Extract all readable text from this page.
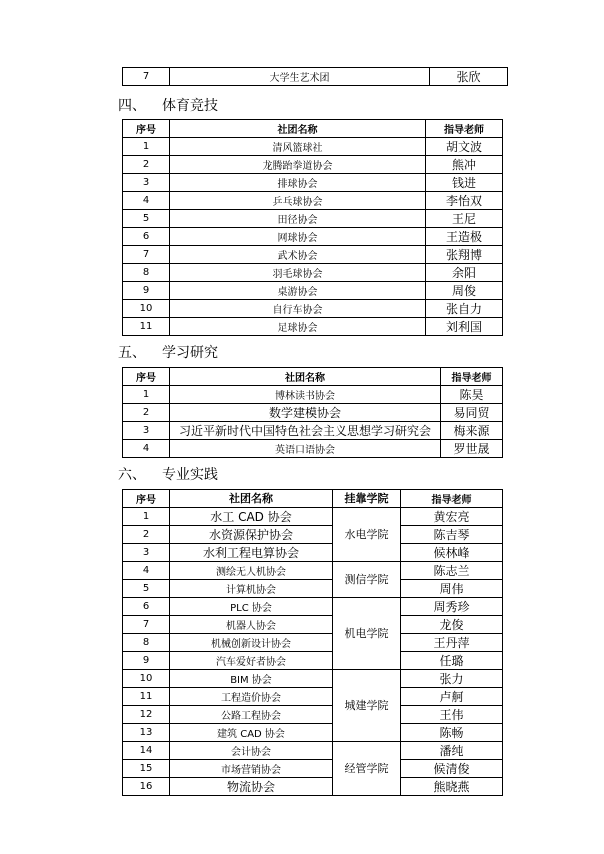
7	大学生艺术团	张欣
四、 体育竞技
序号	社团名称	指导老师
1	清风篮球社	胡文波
2	龙腾跆拳道协会	熊冲
3	排球协会	钱进
4	乒乓球协会	李怡双
5	田径协会	王尼
6	网球协会	王造极
7	武术协会	张翔博
8	羽毛球协会	余阳
9	桌游协会	周俊
10	自行车协会	张自力
11	足球协会	刘利国
五、 学习研究
序号	社团名称	指导老师
1	博林读书协会	陈昊
2	数学建模协会	易同贸
3	习近平新时代中国特色社会主义思想学习研究会	梅来源
4	英语口语协会	罗世晟
六、 专业实践
序号	社团名称	挂靠学院	指导老师
1	水工 CAD 协会	水电学院	黄宏亮
2	水资源保护协会		陈吉琴
3	水利工程电算协会		候林峰
4	测绘无人机协会	测信学院	陈志兰
5	计算机协会		周伟
6	PLC 协会	机电学院	周秀珍
7	机器人协会		龙俊
8	机械创新设计协会		王丹萍
9	汽车爱好者协会		任璐
10	BIM 协会	城建学院	张力
11	工程造价协会		卢舸
12	公路工程协会		王伟
13	建筑 CAD 协会		陈畅
14	会计协会	经管学院	潘纯
15	市场营销协会		候清俊
16	物流协会		熊晓燕
